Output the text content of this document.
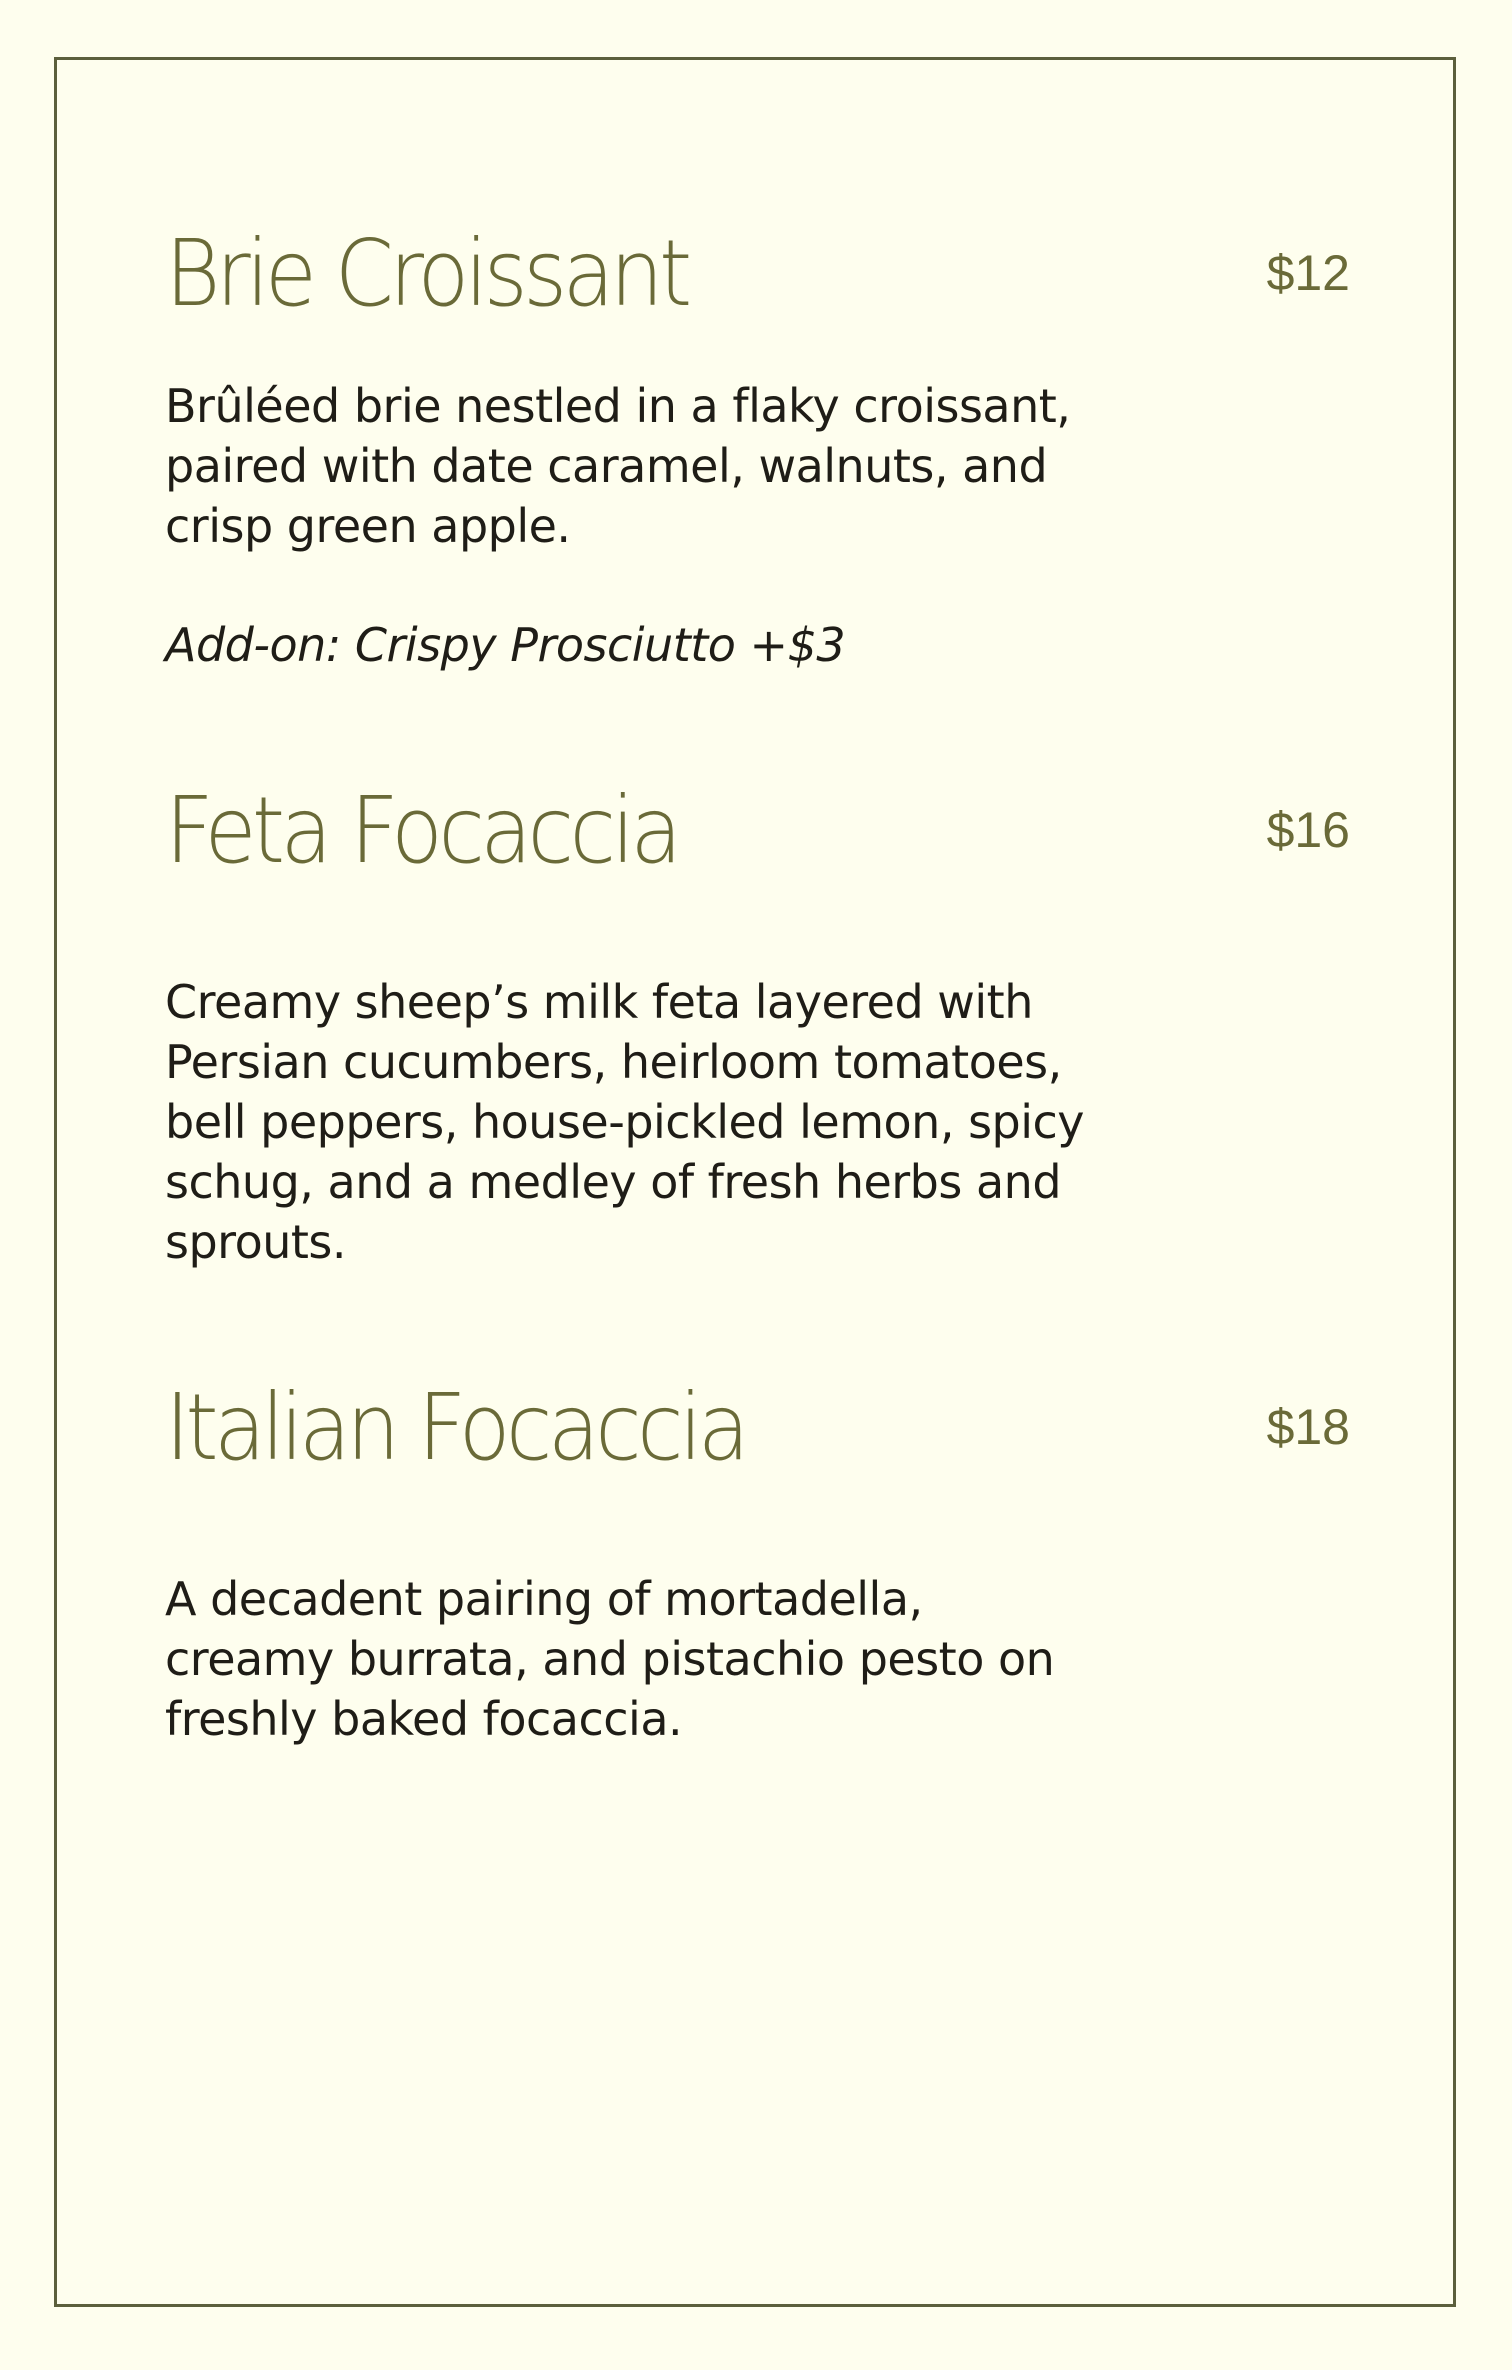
Brie Croissant	$12

Brûléed brie nestled in a flaky croissant, paired with date caramel, walnuts, and crisp green apple.

Add-on: Crispy Prosciutto +$3

Feta Focaccia	$16

Creamy sheep’s milk feta layered with Persian cucumbers, heirloom tomatoes, bell peppers, house-pickled lemon, spicy schug, and a medley of fresh herbs and sprouts.

Italian Focaccia	$18

A decadent pairing of mortadella, creamy burrata, and pistachio pesto on freshly baked focaccia.
